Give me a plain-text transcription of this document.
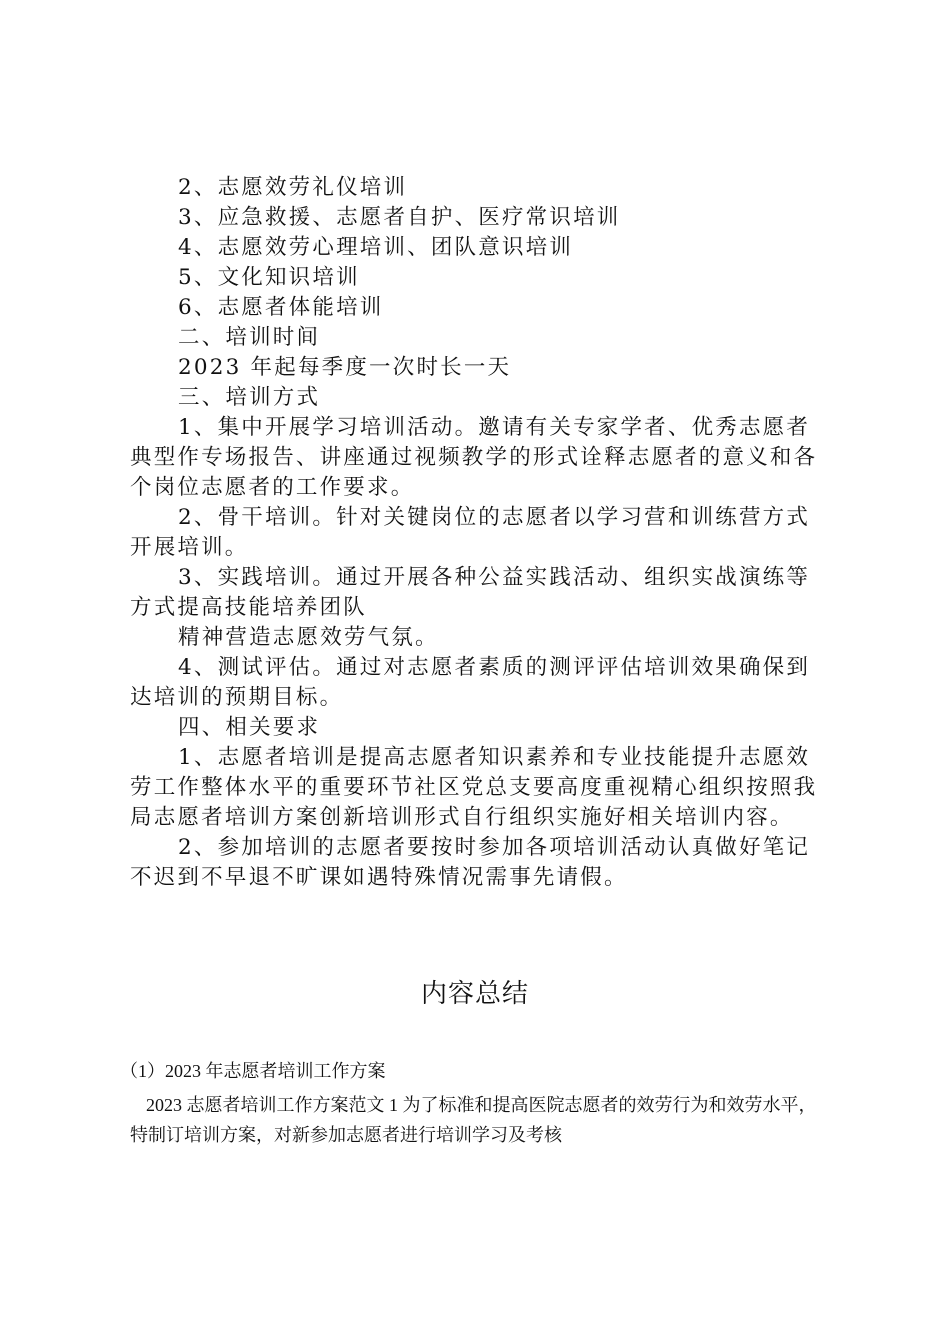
2、志愿效劳礼仪培训
3、应急救援、志愿者自护、医疗常识培训
4、志愿效劳心理培训、团队意识培训
5、文化知识培训
6、志愿者体能培训
二、培训时间
2023 年起每季度一次时长一天
三、培训方式
1、集中开展学习培训活动。邀请有关专家学者、优秀志愿者典型作专场报告、讲座通过视频教学的形式诠释志愿者的意义和各个岗位志愿者的工作要求。
2、骨干培训。针对关键岗位的志愿者以学习营和训练营方式开展培训。
3、实践培训。通过开展各种公益实践活动、组织实战演练等方式提高技能培养团队
精神营造志愿效劳气氛。
4、测试评估。通过对志愿者素质的测评评估培训效果确保到达培训的预期目标。
四、相关要求
1、志愿者培训是提高志愿者知识素养和专业技能提升志愿效劳工作整体水平的重要环节社区党总支要高度重视精心组织按照我局志愿者培训方案创新培训形式自行组织实施好相关培训内容。
2、参加培训的志愿者要按时参加各项培训活动认真做好笔记不迟到不早退不旷课如遇特殊情况需事先请假。
内容总结
（1）2023 年志愿者培训工作方案
2023 志愿者培训工作方案范文 1 为了标准和提高医院志愿者的效劳行为和效劳水平，特制订培训方案，对新参加志愿者进行培训学习及考核
